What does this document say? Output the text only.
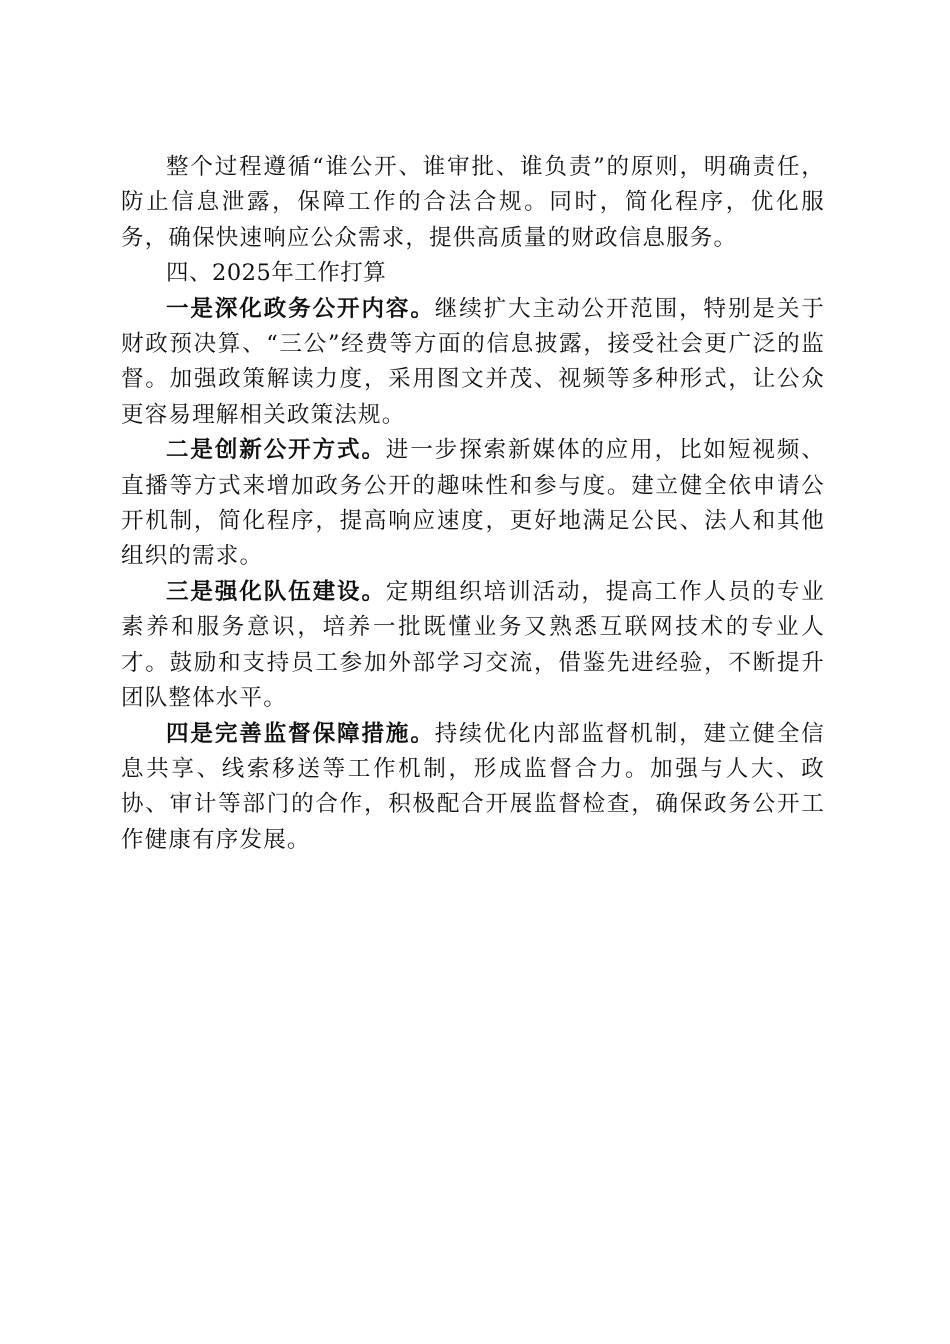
整个过程遵循“谁公开、谁审批、谁负责”的原则，明确责任，防止信息泄露，保障工作的合法合规。同时，简化程序，优化服务，确保快速响应公众需求，提供高质量的财政信息服务。

四、2025年工作打算

一是深化政务公开内容。继续扩大主动公开范围，特别是关于财政预决算、“三公”经费等方面的信息披露，接受社会更广泛的监督。加强政策解读力度，采用图文并茂、视频等多种形式，让公众更容易理解相关政策法规。

二是创新公开方式。进一步探索新媒体的应用，比如短视频、直播等方式来增加政务公开的趣味性和参与度。建立健全依申请公开机制，简化程序，提高响应速度，更好地满足公民、法人和其他组织的需求。

三是强化队伍建设。定期组织培训活动，提高工作人员的专业素养和服务意识，培养一批既懂业务又熟悉互联网技术的专业人才。鼓励和支持员工参加外部学习交流，借鉴先进经验，不断提升团队整体水平。

四是完善监督保障措施。持续优化内部监督机制，建立健全信息共享、线索移送等工作机制，形成监督合力。加强与人大、政协、审计等部门的合作，积极配合开展监督检查，确保政务公开工作健康有序发展。
